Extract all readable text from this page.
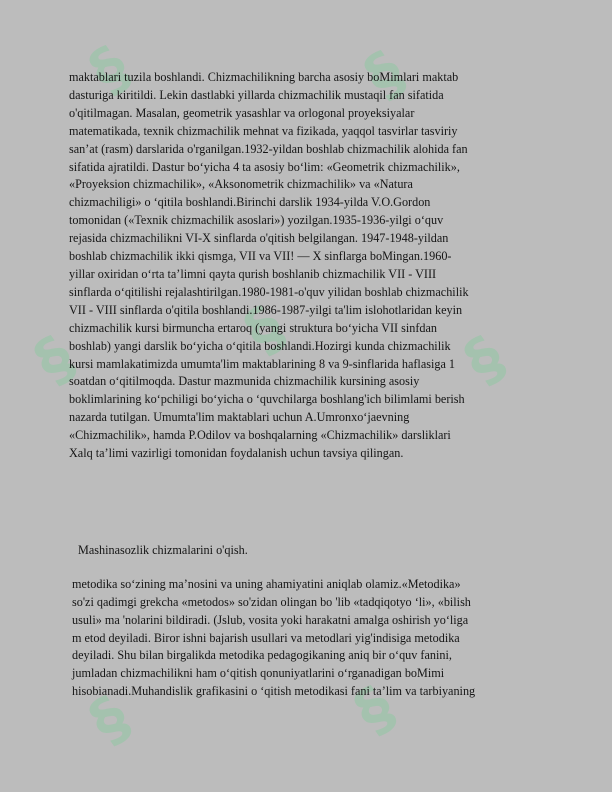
§	§
§ §	§
§	§

maktablari tuzila boshlandi. Chizmachilikning barcha asosiy boMimlari maktab
dasturiga kiritildi. Lekin dastlabki yillarda chizmachilik mustaqil fan sifatida
o'qitilmagan. Masalan, geometrik yasashlar va orlogonal proyeksiyalar
matematikada, texnik chizmachilik mehnat va fizikada, yaqqol tasvirlar tasviriy
san’at (rasm) darslarida o'rganilgan.1932-yildan boshlab chizmachilik alohida fan
sifatida ajratildi. Dastur bo‘yicha 4 ta asosiy bo‘lim: «Geometrik chizmachilik»,
«Proyeksion chizmachilik», «Aksonometrik chizmachilik» va «Natura
chizmachiligi» o ‘qitila boshlandi.Birinchi darslik 1934-yilda V.O.Gordon
tomonidan («Texnik chizmachilik asoslari») yozilgan.1935-1936-yilgi o‘quv
rejasida chizmachilikni VI-X sinflarda o'qitish belgilangan. 1947-1948-yildan
boshlab chizmachilik ikki qismga, VII va VII! — X sinflarga boMingan.1960-
yillar oxiridan o‘rta ta’limni qayta qurish boshlanib chizmachilik VII - VIII
sinflarda o‘qitilishi rejalashtirilgan.1980-1981-o'quv yilidan boshlab chizmachilik
VII - VIII sinflarda o'qitila boshlandi.1986-1987-yilgi ta'lim islohotlaridan keyin
chizmachilik kursi birmuncha ertaroq (yangi struktura bo‘yicha VII sinfdan
boshlab) yangi darslik bo‘yicha o‘qitila boshlandi.Hozirgi kunda chizmachilik
kursi mamlakatimizda umumta'lim maktablarining 8 va 9-sinflarida haflasiga 1
soatdan o‘qitilmoqda. Dastur mazmunida chizmachilik kursining asosiy
boklimlarining ko‘pchiligi bo‘yicha o ‘quvchilarga boshlang'ich bilimlami berish
nazarda tutilgan. Umumta'lim maktablari uchun A.Umronxo‘jaevning
«Chizmachilik», hamda P.Odilov va boshqalarning «Chizmachilik» darsliklari
Xalq ta’limi vazirligi tomonidan foydalanish uchun tavsiya qilingan.

Mashinasozlik chizmalarini o'qish.

metodika so‘zining ma’nosini va uning ahamiyatini aniqlab olamiz.«Metodika»
so'zi qadimgi grekcha «metodos» so'zidan olingan bo 'lib «tadqiqotyo ‘li», «bilish
usuli» ma 'nolarini bildiradi. (Jslub, vosita yoki harakatni amalga oshirish yo‘liga
m etod deyiladi. Biror ishni bajarish usullari va metodlari yig'indisiga metodika
deyiladi. Shu bilan birgalikda metodika pedagogikaning aniq bir o‘quv fanini,
jumladan chizmachilikni ham o‘qitish qonuniyatlarini o‘rganadigan boMimi
hisobianadi.Muhandislik grafikasini o ‘qitish metodikasi fani ta’lim va tarbiyaning
